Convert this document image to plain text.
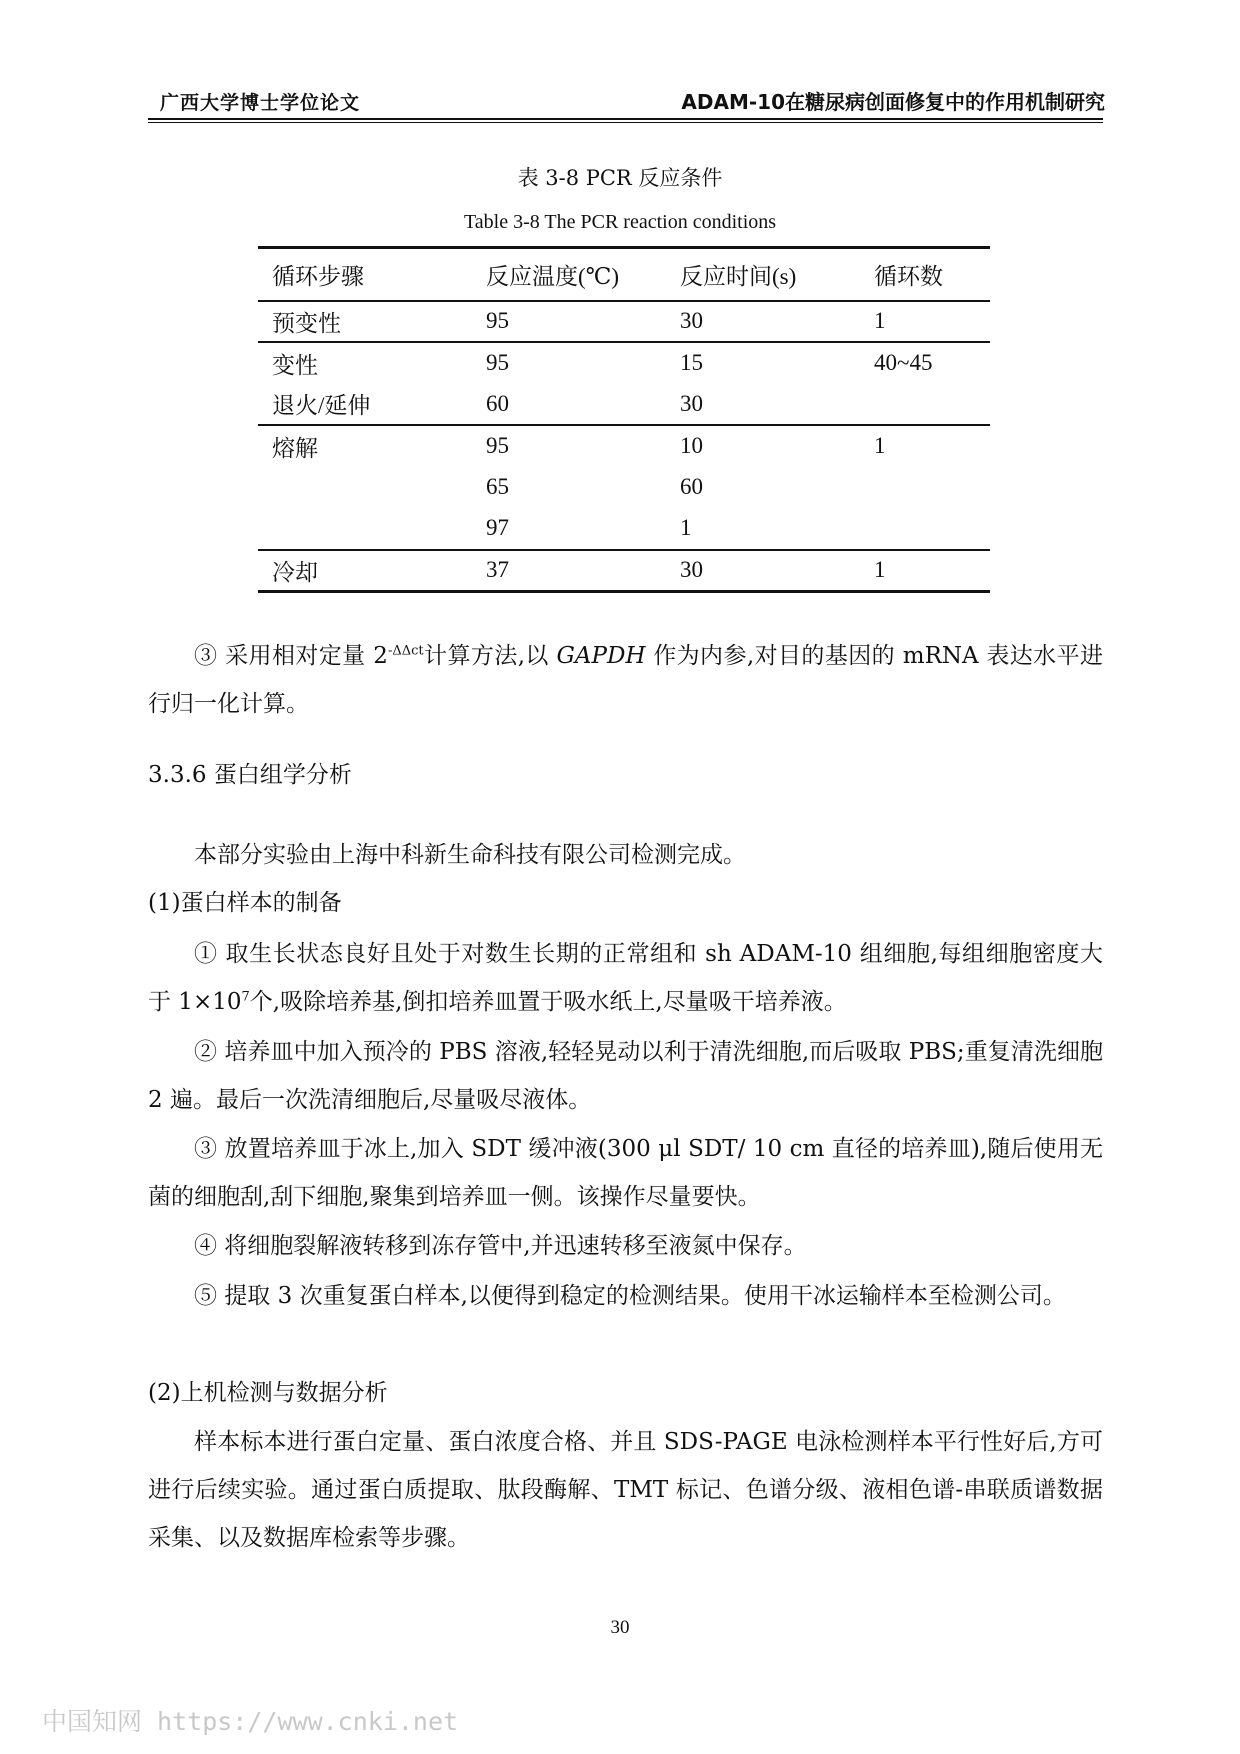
广西大学博士学位论文	ADAM-10在糖尿病创面修复中的作用机制研究
表 3-8 PCR 反应条件
Table 3-8 The PCR reaction conditions
循环步骤	反应温度(℃)	反应时间(s)	循环数
预变性	95	30	1
变性	95	15	40~45
退火/延伸	60	30	
熔解	95	10	1
	65	60	
	97	1	
冷却	37	30	1
③ 采用相对定量 $2^{-\Delta\Delta ct}$计算方法,以 GAPDH 作为内参,对目的基因的 mRNA 表达水平进行归一化计算。
3.3.6 蛋白组学分析
本部分实验由上海中科新生命科技有限公司检测完成。
(1)蛋白样本的制备
① 取生长状态良好且处于对数生长期的正常组和 sh ADAM-10 组细胞,每组细胞密度大于 $1\times 10^7$个,吸除培养基,倒扣培养皿置于吸水纸上,尽量吸干培养液。
② 培养皿中加入预冷的 PBS 溶液,轻轻晃动以利于清洗细胞,而后吸取 PBS;重复清洗细胞 2 遍。最后一次洗清细胞后,尽量吸尽液体。
③ 放置培养皿于冰上,加入 SDT 缓冲液(300 μl SDT/ 10 cm 直径的培养皿),随后使用无菌的细胞刮,刮下细胞,聚集到培养皿一侧。该操作尽量要快。
④ 将细胞裂解液转移到冻存管中,并迅速转移至液氮中保存。
⑤ 提取 3 次重复蛋白样本,以便得到稳定的检测结果。使用干冰运输样本至检测公司。
(2)上机检测与数据分析
样本标本进行蛋白定量、蛋白浓度合格、并且 SDS-PAGE 电泳检测样本平行性好后,方可进行后续实验。通过蛋白质提取、肽段酶解、TMT 标记、色谱分级、液相色谱-串联质谱数据采集、以及数据库检索等步骤。
30
中国知网 https://www.cnki.net
